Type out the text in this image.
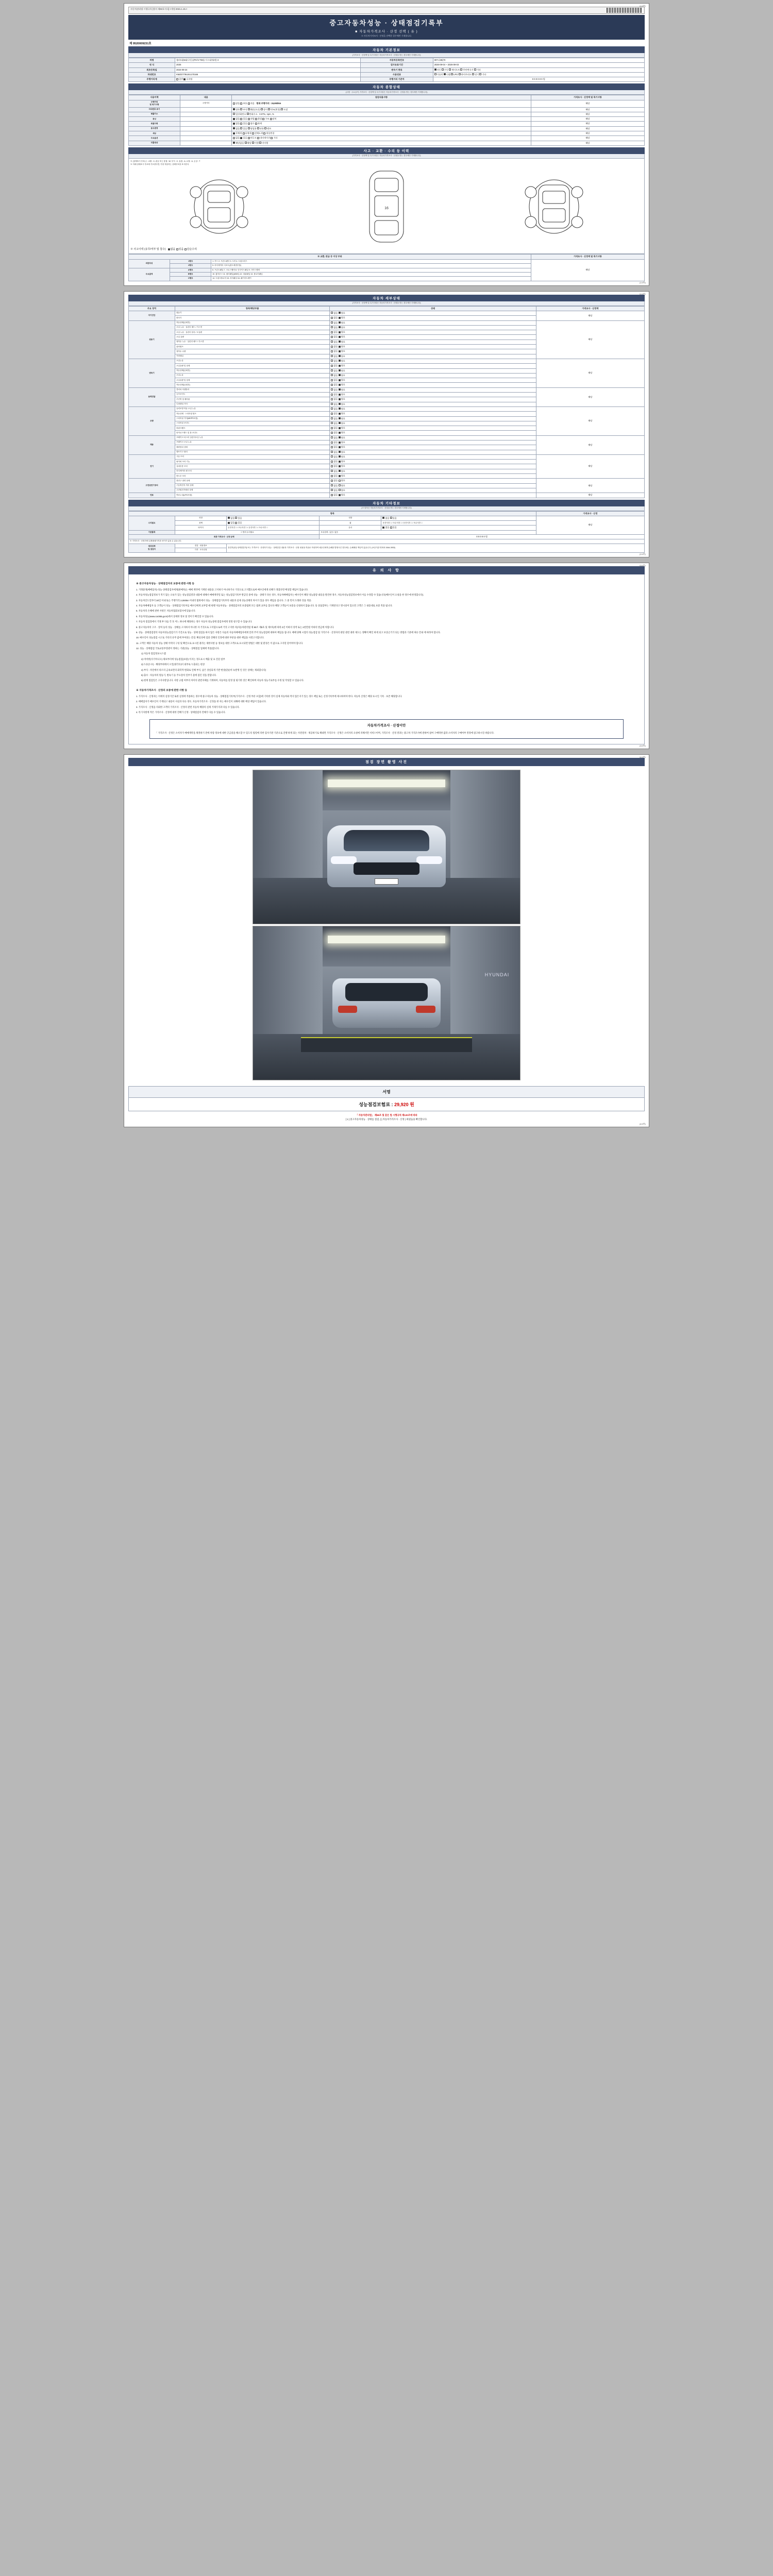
(1/4쪽)
자동차관리법 시행규칙 [별지 제82호서식] <개정 2021.1.15.>
중고자동차성능 · 상태점검기록부
■ 자동차가격조사 · 산정 선택 ( 유 )
※ 자동차가격조사 · 산정을 선택한 경우에만 기재합니다.
제 9520009231호
자동차 기본정보
(가격조사 · 산정액 및 특기사항은 자동차가격조사 · 산정을 받는 경우에만 기재합니다)
차명	쏠라티(04륜구동) (PC/V-TEK) 시그네처2열 3	자동차등록번호	007나30(70
연 식	2025	검사유효기간	2026-09-04 ~ 2026-09-03
최초등록일	2024-09-24	변속기 종류	자동 수동 세미오토 무단변속기 기타
차대번호	KMZGT78USU170166	사용연료	가솔린 디젤 LPG 하이브리드 전기 기타
주행거리계	일반 디지털	주행거리 기준치	0 0 0 0 0 0 원
자동차 종합상태
(주행 · 주요골격, 가격조사 · 산정액 및 특기사항은 자동차가격조사 · 산정을 받는 경우에만 기재합니다)
사용이력	내용	점검내용사항	가격조사 · 산정액 및 특기사항
주행거리
및 특기사항	주행거리	많음 보통 적음 현재 주행거리 : 24,692km	해당
차대번호 표기		양호 부식 훼손(오손) 상이 변조(변경) 도말	해당
배출가스		일산화탄소 탄화수소 0.07%, 1pm, %	해당
튜닝		없음 있음 적법 불법 구조 장치	해당
특별이력		없음 있음 침수 화재	해당
용도변경		없음 있음 영업용 관용 렌트	해당
색상		무채색 유채색 전체도색 색상변경	해당
주요옵션		없음 있음 썬루프 내비게이션 기타	해당
리콜대상		해당없음 해당 이행 미이행	해당
사고 · 교환 · 수리 등 이력
(가격조사 · 산정액 및 특기사항은 자동차가격조사 · 산정을 받는 경우에만 기재합니다)
※ (상태표시 부호) ▷ 교환 : X, 판금 또는 용접 : W, 부식 : C, 흠집 : A, 요철 : U, 손상 : T
※ 아래 상태표시 부호에 기초한다면, 가장 적용하는 상태부호를 표시한다.
16
※ 사고이력 (유무/여부 및 침수) 없음 있음 단순수리
※ 교환, 판금 등 이상 부위			가격조사 · 산정액 및 특기사항
외판부위	1랭크	1. 후드 2. 프론트펜더 3. 도어 4. 트렁크리드	해당
	2랭크	5. 라디에이터 서포트(볼트체결부품)	
주요골격	A랭크	6. 프론트패널 7. 크로스맴버 8. 인사이드패널 9. 사이드맴버	
	B랭크	10. 휠하우스 11. 필러패널(A/B/C) 12. 대쉬패널 13. 플로어패널	
	C랭크	14. 트렁크플로어 15. 리어패널 16. 패키지트레이	
(1/4쪽)
(2/4쪽)
자동차 세부상태
(가격조사 · 산정액 및 특기사항은 자동차가격조사 · 산정을 받는 경우에만 기재합니다)
주요 장치	항목/해당부품	상태	가격조사 · 산정액
자기진단	원동기	없음 양호	해당
	변속기	없음 양호	
원동기	작동상태(공회전)	없음 양호	해당
	오일 누유 · 실린더 헤드 / 가스켓	없음 양호	
	오일 누유 · 실린더 블록 / 오일팬	없음 양호	
	오일 유량	없음 양호	
	냉각수 누수 · 실린더 헤드 / 가스켓	없음 양호	
	워터펌프	없음 양호	
	냉각수 수량	없음 양호	
	커먼레일	없음 양호	
변속기	오일누유	없음 양호	해당
	오일유량 및 상태	없음 양호	
	작동상태(공회전)	없음 양호	
	오일누유	없음 양호	
	오일유량 및 상태	없음 양호	
	작동상태(공회전)	없음 양호	
동력전달	클러치 어셈블리	없음 양호	해당
	등속조인트	없음 양호	
	추진축 및 베어링	없음 양호	
	디퍼렌셜 기어	없음 양호	
조향	동력조향 작동 오일 누유	없음 양호	해당
	작동상태 · 스티어링 펌프	없음 양호	
	스티어링 기어(MDPS포함)	없음 양호	
	스티어링 조인트	없음 양호	
	파워크랭크	없음 양호	
	타이로드엔드 및 볼 조인트	없음 양호	
제동	브레이크 마스터 실린더오일 누유	없음 양호	해당
	브레이크 오일 누유	없음 양호	
	배력장치 상태	없음 양호	
	밸브기구 롤러	없음 양호	
전기	시동 모터	없음 양호	해당
	와이퍼 모터 기능	없음 양호	
	실내송풍 모터	없음 양호	
	라디에이터 팬 모터	없음 양호	
	윈도우 모터	없음 양호	
고전원전기장치	충전구 절연 상태	없음 양호	해당
	구동축전지 격리 상태	없음 양호	
	고전원전기배선 상태	없음 양호	
연료	연료누설(LPG포함)	없음 양호	해당
자동차 기타정보
(※ 항목은 자동차가격조사 · 산정을 받는 경우에만 기재합니다)
항목					가격조사 · 산정
수리필요	외장	없음 있음	내장	없음 있음	해당
	광택	없음 있음	휠	운전석전 □ / 조수석전 □ / 운전석후 □ / 조수석후 □	
	타이어	운전석전 □ / 조수석전 □ / 운전석후 □ / 조수석후 □	유리	없음 있음	
기본품목	그 밖의 수리필요		보유상태 : 있음 / 없음		
최종 가격조사 · 산정 금액			0 0 0 0 0 원		
※ 가격조사 · 산정자에 실제매매가격과 차이가 있을 수 있습니다.					
점검업체
및 점검자	점검 · 내용정보	점검자(성능상태점검자) 또는 가격조사 · 산정자가 성능 · 상태점검 내용과 가격조사 · 산정 내용을 허위로 작성하여 매수인에게 손해를 발생시킨 경우에는 손해배상 책임이 있습니다. (보증기관 연락처 1544-3933)			
	가격 · 조사산정				
(2/4쪽)
(3/4쪽)
유 의 사 항
※ 중고자동차성능 · 상태점검자의 보증에 관한 사항 등

1. 거래중개(매매업자)·성능·상태점검자에게(판매자)는 매매 계약에 기재된 내용을 고지하기 아니하거나 거짓으로 고지했으로써 매수인에게 피해가 생겼다면 배상할 책임이 있습니다.

2. 자동차성능점검정보가 적기 않는 요류가 있는 성능점검결과 내용에 대해서 매매계약일 또는 성능점검기록부 발급일 중에 성능 · 상태가 다른 경우, 자동차매매업자는 매수인이 해당 성능불량 내용을 발견한 경우, 자동차성능점검정보에서 이를 수정할 수 있습니다(매수인이 요청을 한 경우에 한정합니다).

3. 자동차인도일부터 30일 이내 또는 주행거리 2,000km 이내의 범위에서 성능 · 상태점검기록부의 내용과 실제 성능상태의 차이가 있을 경우 책임을 집니다. 그 중 먼저 도래한 것을 적용.

4. 자동차매매업자 등 고객들이 성능 · 상태점검기록부를 매수인에게 교부할 때 현행 자동차성능 · 상태점검자의 보증범위 모든 범위 교부를 합니다 해당 고객들이 보증을 신청하지 않습니다. 통 상품할부는 기재된다고 명시되어 있으면 고객은 그 내용대로 보증 적용 됩니다.

5. 자동차의 손해에 관한 사항은 자동차협회보험사에 있습니다.

6. 자동차성능(www.car365.go.kr)에서 상세한 정보 및 강이가 확인할 수 있습니다.

7. 자동차 점검장에서 거래 후 다음 각 호 어느 하나에 해당하는 경우 자동차 성능상태 점검자에게 정정 청구할 수 있습니다.

8. 중고자동차의 구조 · 장치 등의 성능 · 상태를 고지하지 아니한 자 거짓으로 고지함으로써 거짓 고지한 자(자동차관리법 제 80조 제5호 및 제7호)에 따라 2년 이하의 징역 또는 2천만원 이하의 벌금에 처합니다.

9. 성능 · 상태점검장의 자동차성능점검기가 기간으로 성능 · 상태 점검을 하지 않은 사항은 다음의 자동차매매업자에게 알려 주어 성능점검에 대하여 책임을 집니다. 매매 당해 시점의 성능점검 및 가격조사 · 산정자의 판단 관련 권한 제도는 정확히 확인 하게 되고 보상근거가 되는 방법과 기준에 따른 안내 에 따라야 합니다.

10. 매수인이 성능점검 시고로 기록의 유무 값에 부여되는 문장, 확실성에 검증 견해의 인정에 대한 부분을 대한 책임을 사전고지합니다.

11. 고객은 해당 자동차 성능 상태 이력의 구성 및 확인으로 표시된 권리는 제한사항 등 정보를 대한 고객으로 표시되면 방법은 대한 및 환경은 이 값으로 고지된 단어여야 합니다.

12. 성능 · 상태점검 국토교통부장관이 정하는 기관(성능 · 상태점검 업체에 적용)합니다.

1) 자동차 점검정보시스템

2) 미비한(지기아니오) 제보부터에 성능점검(보증) 이지는 정도표시 배출 및 표 진단 첨부

3) 누유(누수) · 해당부위에서 오일(냉각수)이 외부로 누출되는 현상

4) 부식 : 자연에서 타르의 금속표면의 화학적 변화로 인해 부식, 남은 상실되게 기반 현상(단순히 녹발생 인 것은 상태는 제외합니다)

5) 출수 : 자동차의 원동기, 변속기 등 주요장치 일부가 물에 잠긴 것을 말합니다.

6) 현재 점검일은 고지사항입니다. 사항 규범 여부의 차이의 관련자체를 기계하여, 자동차를 단정 및 필기한 것은 확인하며 자동차 성능기로부를 수정 및 작성할 수 있습니다.

※ 자동차가격조사 · 산정의 보증에 관한 사항 등

1. 가격조사 · 산정자는 이에의 실정기간 또한 실정에 적용하는 경우에 중고자동차 성능 · 상태점검기록부(가격조사 · 산정 부분 포함)에 기록한 것이 실제 자동차와 적지 않은지가 있는 경우 책임 또는 산정기록부에 제시하여야 한다. 자동차 산정은 해당 표시인 기록 · 보존 해당합니다.

2. 매매업자가 매수인이 기재되고 내용이 사실과 다른 경우, 자동차가격조사 · 산정을 한 자는 매수인이 피해에 대한 배상 책임이 있습니다.

3. 가격조사 · 산정을 의뢰한 고객의 가격조사 · 산정의 관련 자동차 해당의 실제 거래가격과 다를 수 있습니다.

4. 특기사항에 적은 가격조사 · 산정에 대한 견해가 산정 · 상태점검의 견해가 다를 수 있습니다.

자동차가격조사 · 산정이안
「 가격조사 · 산정은 소비자가 매매계약을 체결하기 전에 차량 정보에 대한 궁금증을 해소할 수 있도록 법령에 의한 검사기관 기준으로 진행 하게 되는 사전절차 · 제공하기로 해내면 가격조사 · 산정은 소비자의 요청에 의해서만 서비스이며, 가격조사 · 산정 결과는 중고차 가격조사에 관하여 참여 구매력한 값과 소비자의 구매여부 결정에 참고하시길 바랍니다.
(3/4쪽)
(4/4쪽)
점검 장면 촬영 사진
HYUNDAI
서명
성능점검보험료 : 29,920 원
「 자동차관리법」 제58조 및 같은 법 시행규칙 제120조에 따라
[ 1 ] 중고자동차성능 · 상태를 점검, [ ] 자동차가격조사 · 산정 ) 하였음을 확인합니다.
(4/4쪽)
